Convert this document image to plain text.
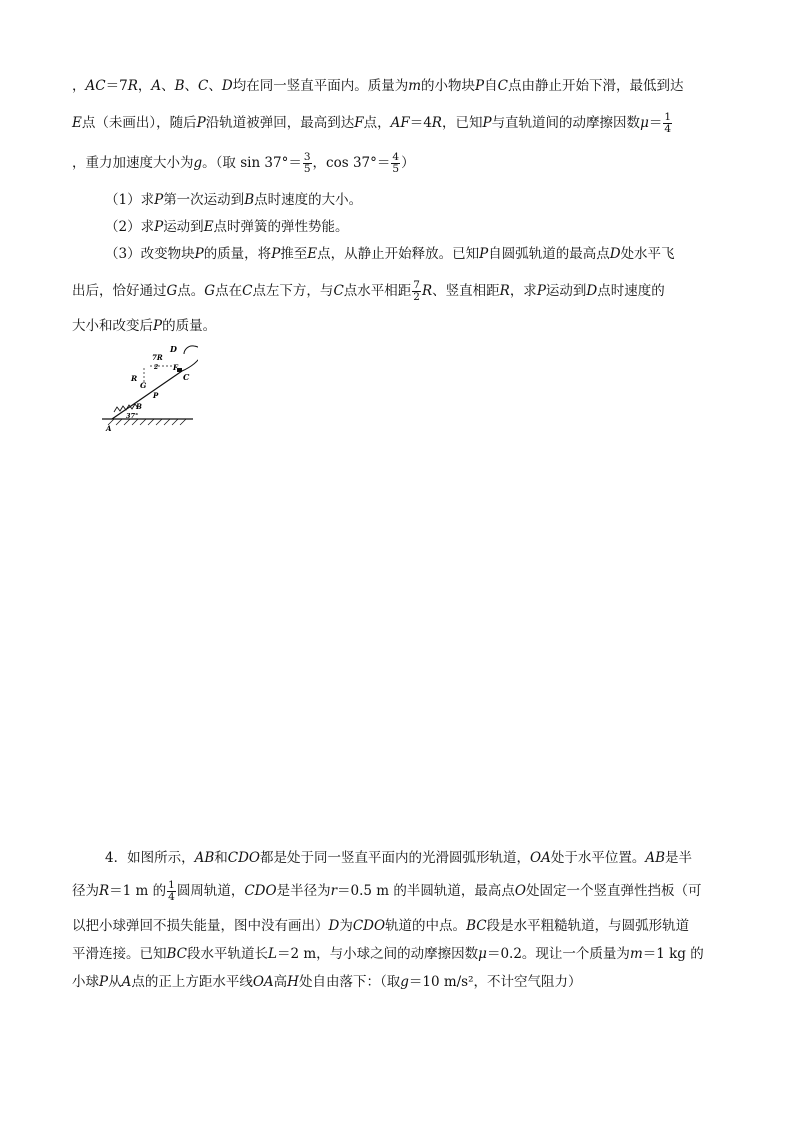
，AC＝7R，A、B、C、D均在同一竖直平面内。质量为m的小物块P自C点由静止开始下滑，最低到达
E点（未画出），随后P沿轨道被弹回，最高到达F点，AF＝4R，已知P与直轨道间的动摩擦因数$\mu= \frac{1}{4}$
，重力加速度大小为g。（取 $\sin 37^\circ= \frac{3}{5}$ ，$\cos 37^\circ= \frac{4}{5}$ ）
（1）求P第一次运动到B点时速度的大小。
（2）求P运动到E点时弹簧的弹性势能。
（3）改变物块P的质量，将P推至E点，从静止开始释放。已知P自圆弧轨道的最高点D处水平飞
出后，恰好通过G点。G点在C点左下方，与C点水平相距 $\frac{7}{2}$ R、竖直相距R，求P运动到D点时速度的
大小和改变后P的质量。
D
7R
2
R
G
F
C
P
B
37°
A
4．如图所示，AB和CDO都是处于同一竖直平面内的光滑圆弧形轨道，OA处于水平位置。AB是半
径为R＝1 m 的 $\frac{1}{4}$ 圆周轨道，CDO是半径为r＝0.5 m 的半圆轨道，最高点O处固定一个竖直弹性挡板（可
以把小球弹回不损失能量，图中没有画出）D为CDO轨道的中点。BC段是水平粗糙轨道，与圆弧形轨道
平滑连接。已知BC段水平轨道长L＝2 m，与小球之间的动摩擦因数μ＝0.2。现让一个质量为m＝1 kg 的
小球P从A点的正上方距水平线OA高H处自由落下：（取g＝10 m/s²，不计空气阻力）
